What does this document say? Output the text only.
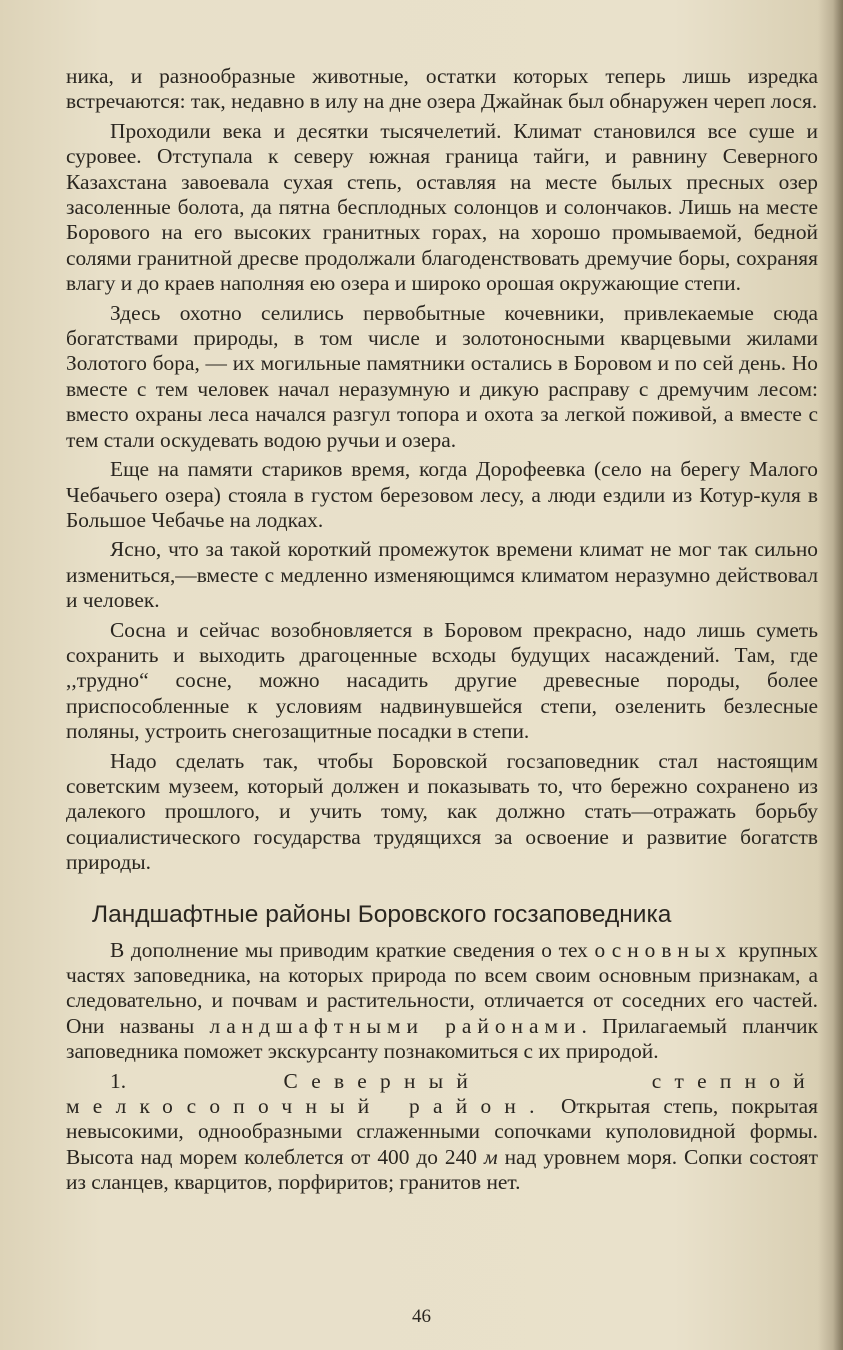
ника, и разнообразные животные, остатки которых теперь лишь изредка встречаются: так, недавно в илу на дне озера Джайнак был обнаружен череп лося.

Проходили века и десятки тысячелетий. Климат становился все суше и суровее. Отступала к северу южная граница тайги, и равнину Северного Казахстана завоевала сухая степь, оставляя на месте былых пресных озер засоленные болота, да пятна бесплодных солонцов и солончаков. Лишь на месте Борового на его высоких гранитных горах, на хорошо промываемой, бедной солями гранитной дресве продолжали благоденствовать дремучие боры, сохраняя влагу и до краев наполняя ею озера и широко орошая окружающие степи.

Здесь охотно селились первобытные кочевники, привлекаемые сюда богатствами природы, в том числе и золотоносными кварцевыми жилами Золотого бора, — их могильные памятники остались в Боровом и по сей день. Но вместе с тем человек начал неразумную и дикую расправу с дремучим лесом: вместо охраны леса начался разгул топора и охота за легкой поживой, а вместе с тем стали оскудевать водою ручьи и озера.

Еще на памяти стариков время, когда Дорофеевка (село на берегу Малого Чебачьего озера) стояла в густом березовом лесу, а люди ездили из Котур-куля в Большое Чебачье на лодках.

Ясно, что за такой короткий промежуток времени климат не мог так сильно измениться,—вместе с медленно изменяющимся климатом неразумно действовал и человек.

Сосна и сейчас возобновляется в Боровом прекрасно, надо лишь суметь сохранить и выходить драгоценные всходы будущих насаждений. Там, где ,,трудно“ сосне, можно насадить другие древесные породы, более приспособленные к условиям надвинувшейся степи, озеленить безлесные поляны, устроить снегозащитные посадки в степи.

Надо сделать так, чтобы Боровской госзаповедник стал настоящим советским музеем, который должен и показывать то, что бережно сохранено из далекого прошлого, и учить тому, как должно стать—отражать борьбу социалистического государства трудящихся за освоение и развитие богатств природы.

Ландшафтные районы Боровского госзаповедника

В дополнение мы приводим краткие сведения о тех основных крупных частях заповедника, на которых природа по всем своим основным признакам, а следовательно, и почвам и растительности, отличается от соседних его частей. Они названы ландшафтными районами. Прилагаемый планчик заповедника поможет экскурсанту познакомиться с их природой.

1. Северный степной мелкосопочный район. Открытая степь, покрытая невысокими, однообразными сглаженными сопочками куполовидной формы. Высота над морем колеблется от 400 до 240 м над уровнем моря. Сопки состоят из сланцев, кварцитов, порфиритов; гранитов нет.

46
